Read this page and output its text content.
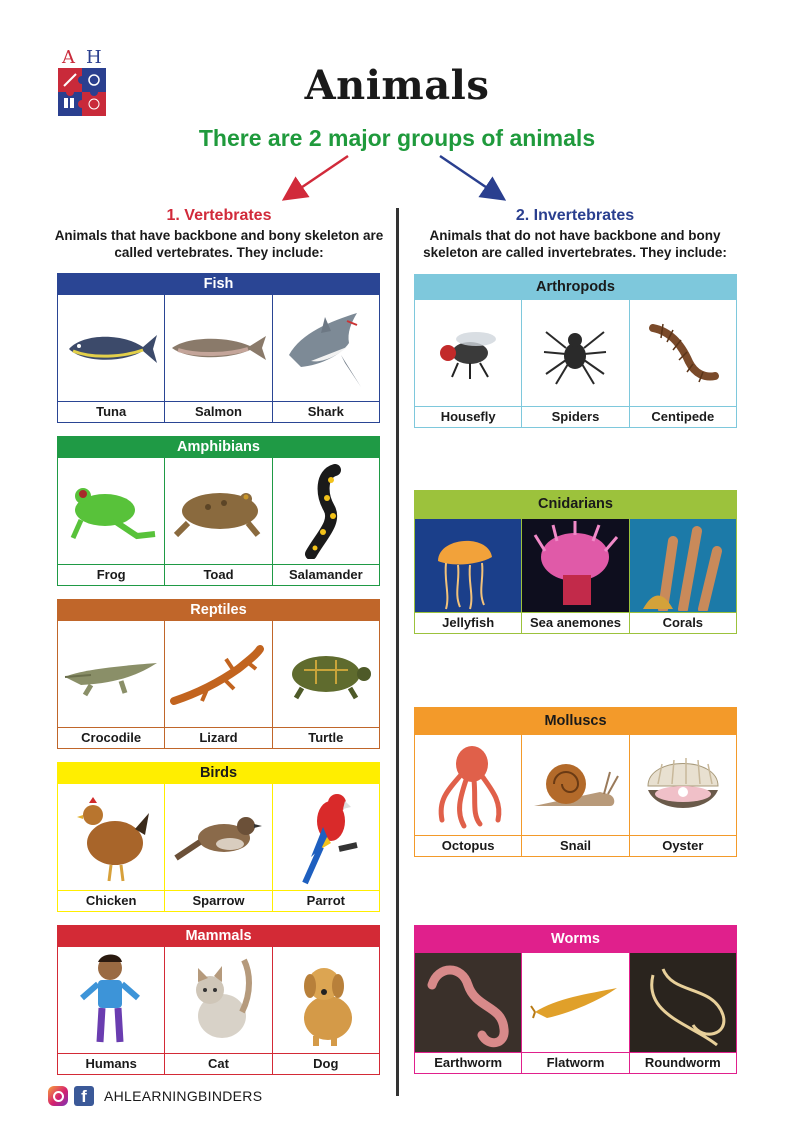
A H
Animals
There are 2 major groups of animals
1. Vertebrates
Animals that have backbone and bony skeleton are called vertebrates. They include:
2. Invertebrates
Animals that do not have backbone and bony skeleton are called invertebrates. They include:
Fish
Tuna	Salmon	Shark
Amphibians
Frog	Toad	Salamander
Reptiles
Crocodile	Lizard	Turtle
Birds
Chicken	Sparrow	Parrot
Mammals
Humans	Cat	Dog
Arthropods
Housefly	Spiders	Centipede
Cnidarians
Jellyfish	Sea anemones	Corals
Molluscs
Octopus	Snail	Oyster
Worms
Earthworm	Flatworm	Roundworm
f	AHLEARNINGBINDERS
